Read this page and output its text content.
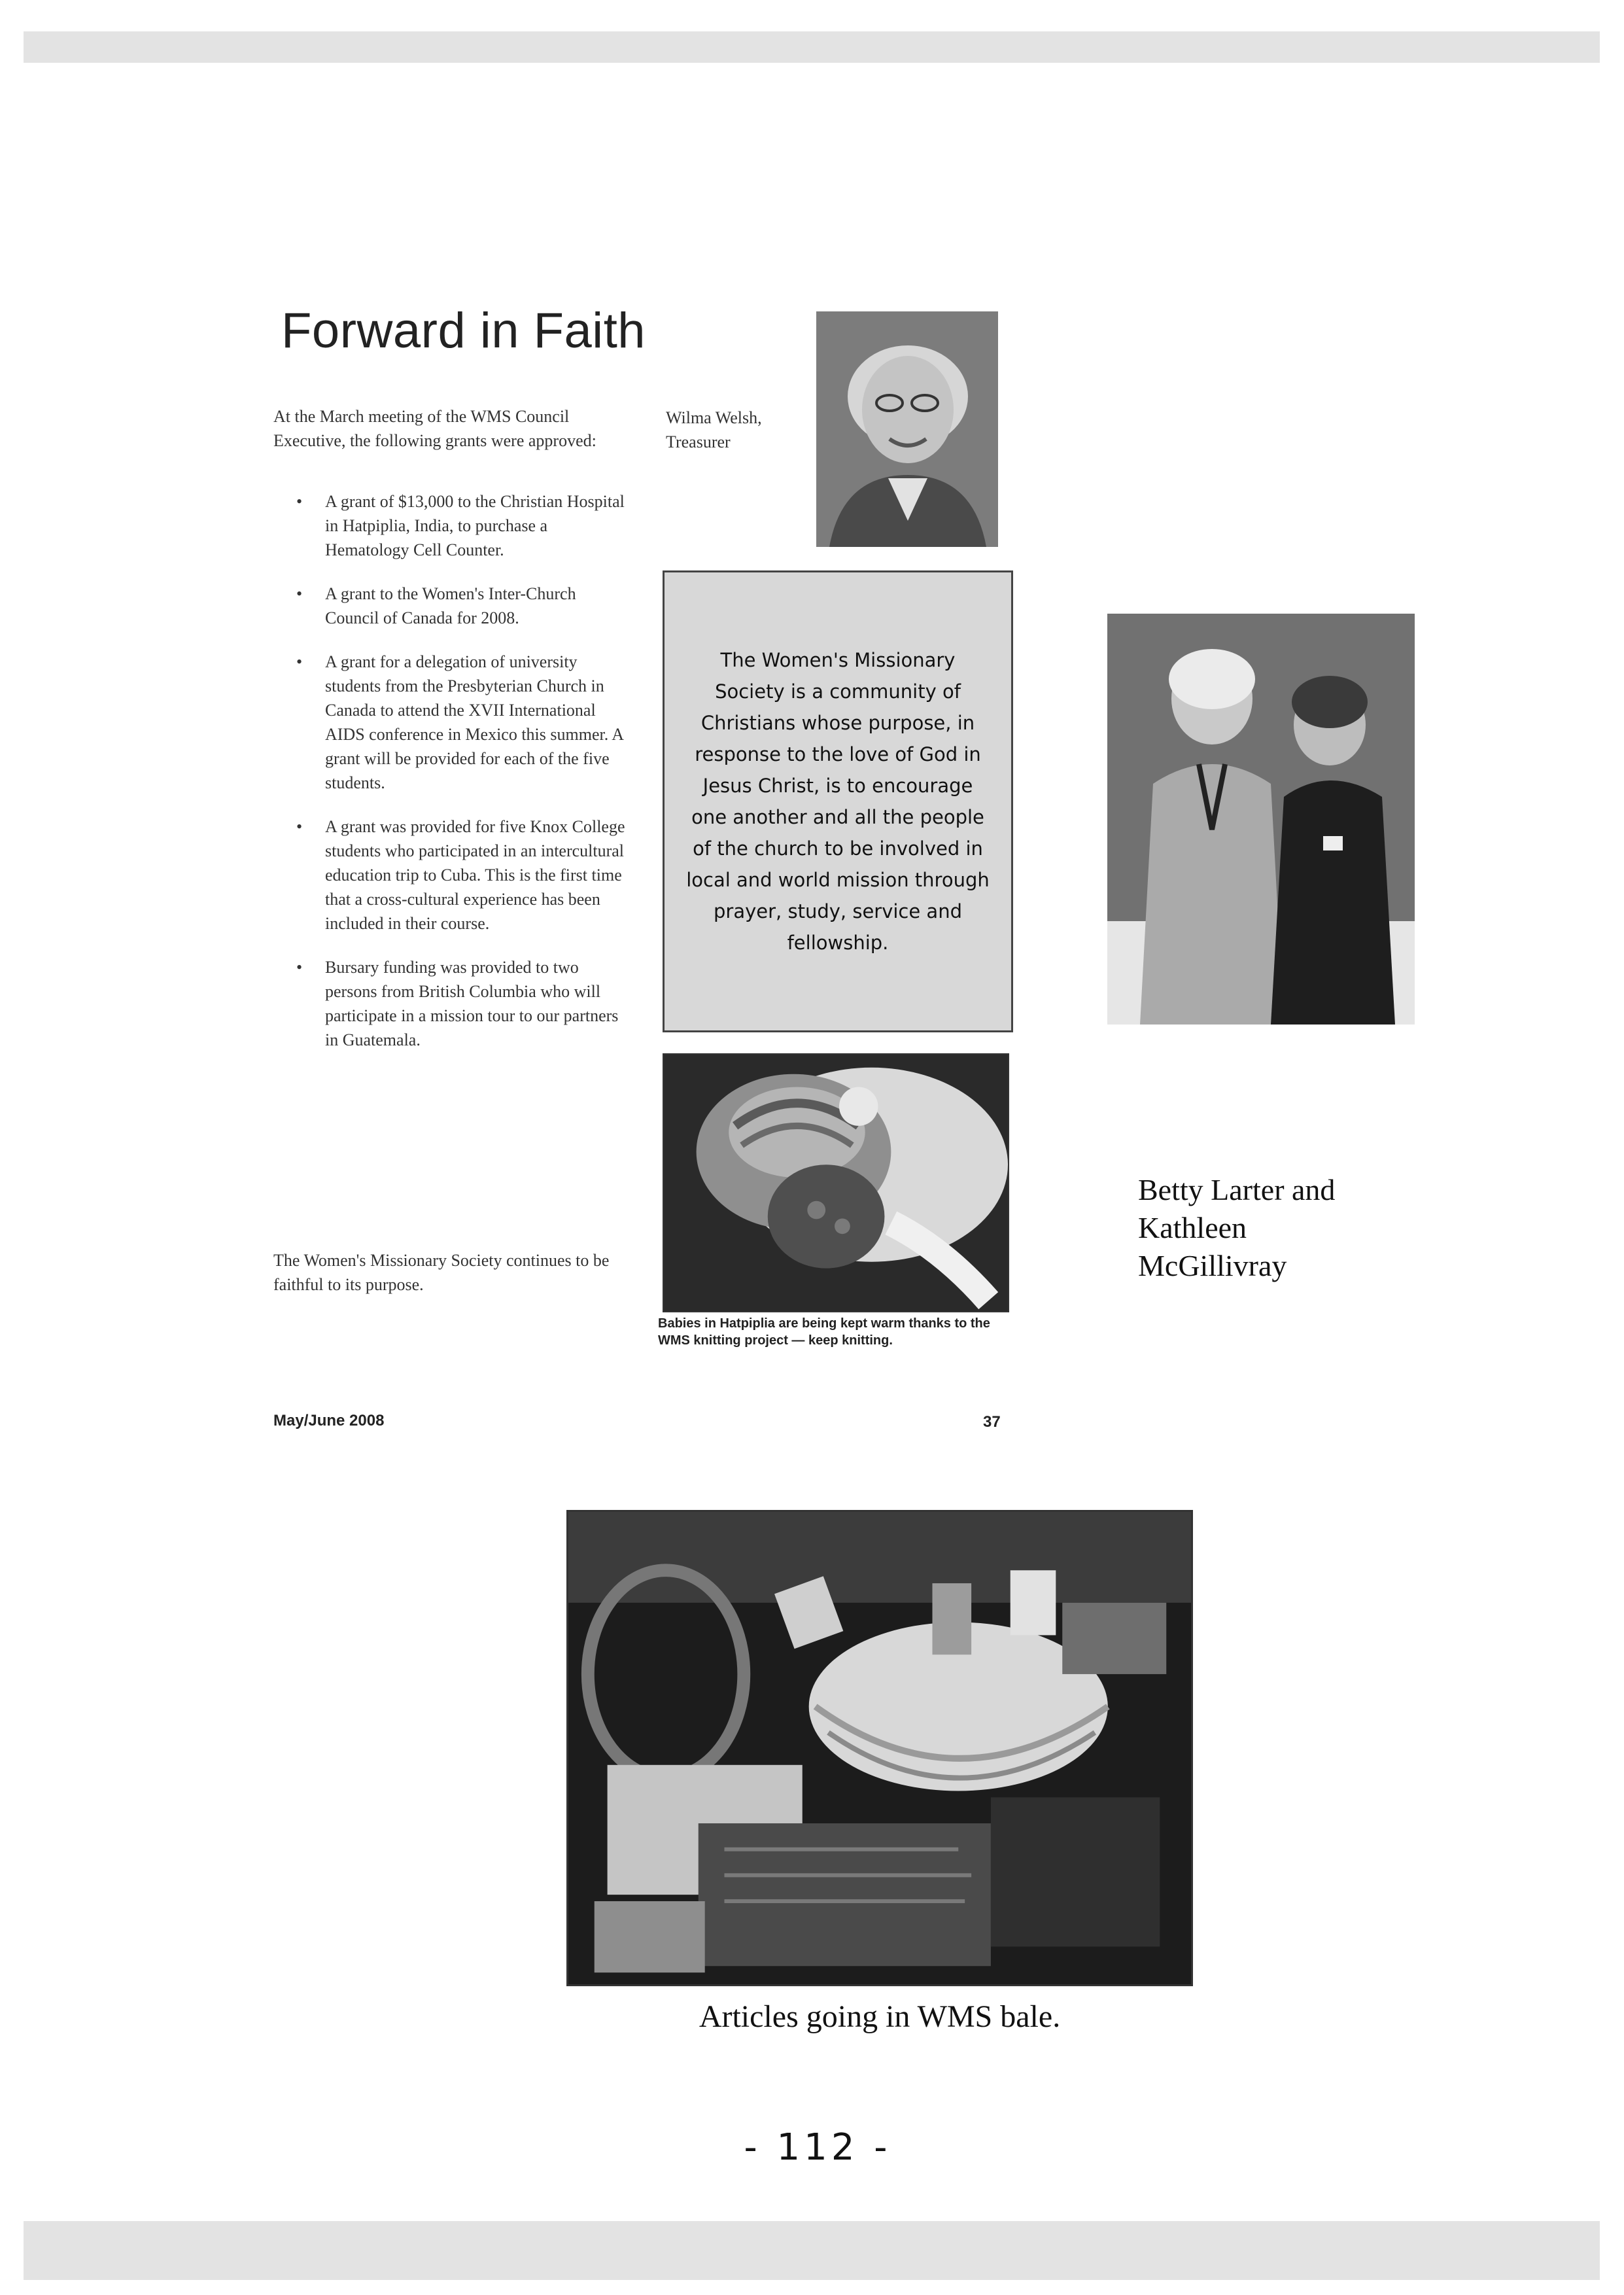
Forward in Faith
At the March meeting of the WMS Council Executive, the following grants were approved:
• A grant of $13,000 to the Christian Hospital in Hatpiplia, India, to purchase a Hematology Cell Counter.
• A grant to the Women's Inter-Church Council of Canada for 2008.
• A grant for a delegation of university students from the Presbyterian Church in Canada to attend the XVII International AIDS conference in Mexico this summer. A grant will be provided for each of the five students.
• A grant was provided for five Knox College students who participated in an intercultural education trip to Cuba. This is the first time that a cross-cultural experience has been included in their course.
• Bursary funding was provided to two persons from British Columbia who will participate in a mission tour to our partners in Guatemala.
The Women's Missionary Society continues to be faithful to its purpose.
Wilma Welsh,
Treasurer
The Women's Missionary Society is a community of Christians whose purpose, in response to the love of God in Jesus Christ, is to encourage one another and all the people of the church to be involved in local and world mission through prayer, study, service and fellowship.
Babies in Hatpiplia are being kept warm thanks to the WMS knitting project — keep knitting.
Betty Larter and Kathleen McGillivray
May/June 2008	37
Articles going in WMS bale.
- 112 -
